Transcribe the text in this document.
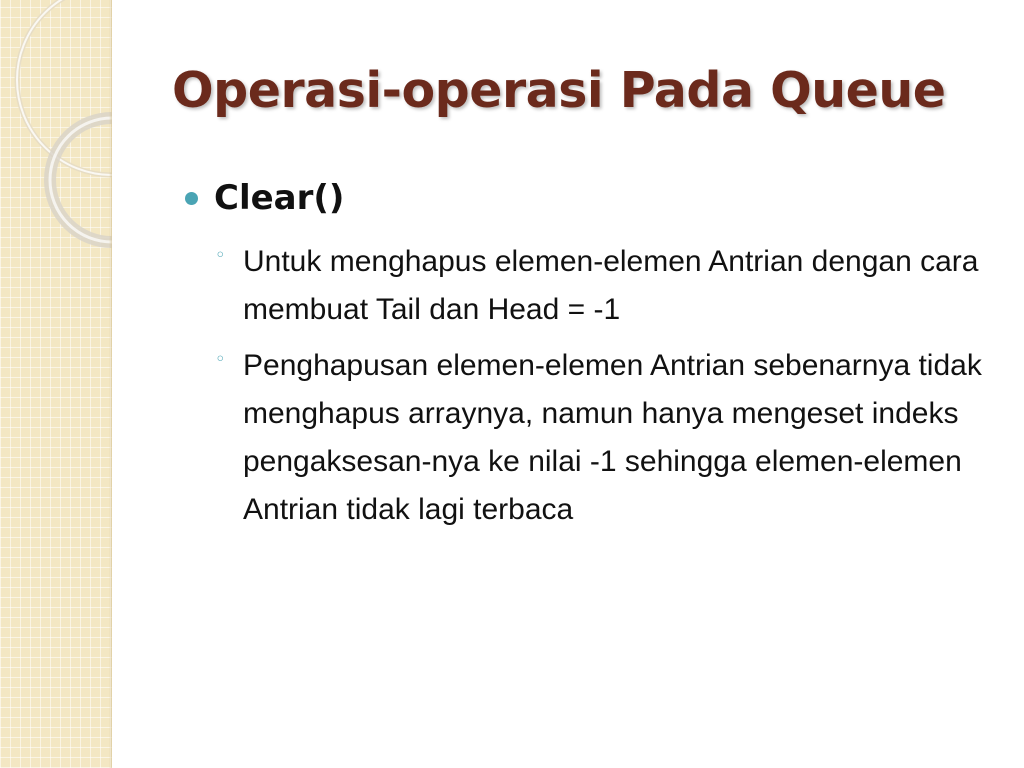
Operasi-operasi Pada Queue
Clear()
◦ Untuk menghapus elemen-elemen Antrian dengan cara membuat Tail dan Head = -1
◦ Penghapusan elemen-elemen Antrian sebenarnya tidak menghapus arraynya, namun hanya mengeset indeks pengaksesan-nya ke nilai -1 sehingga elemen-elemen Antrian tidak lagi terbaca
